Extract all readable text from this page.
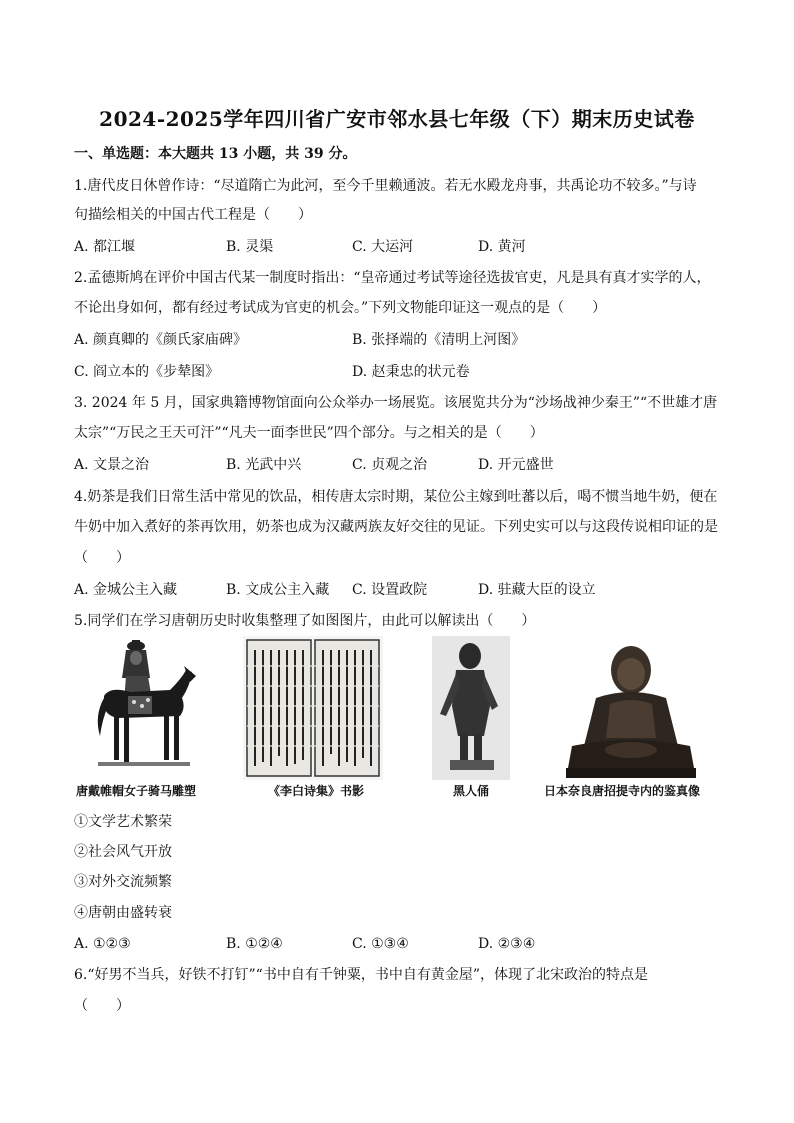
2024-2025学年四川省广安市邻水县七年级（下）期末历史试卷
一、单选题：本大题共 13 小题，共 39 分。
1.唐代皮日休曾作诗：“尽道隋亡为此河，至今千里赖通波。若无水殿龙舟事，共禹论功不较多。”与诗
句描绘相关的中国古代工程是（　　）
A. 都江堰	B. 灵渠	C. 大运河	D. 黄河
2.孟德斯鸠在评价中国古代某一制度时指出：“皇帝通过考试等途径选拔官吏，凡是具有真才实学的人，
不论出身如何，都有经过考试成为官吏的机会。”下列文物能印证这一观点的是（　　）
A. 颜真卿的《颜氏家庙碑》	B. 张择端的《清明上河图》
C. 阎立本的《步辇图》	D. 赵秉忠的状元卷
3. 2024 年 5 月，国家典籍博物馆面向公众举办一场展览。该展览共分为“沙场战神少秦王”“不世雄才唐
太宗”“万民之王天可汗”“凡夫一面李世民”四个部分。与之相关的是（　　）
A. 文景之治	B. 光武中兴	C. 贞观之治	D. 开元盛世
4.奶茶是我们日常生活中常见的饮品，相传唐太宗时期，某位公主嫁到吐蕃以后，喝不惯当地牛奶，便在
牛奶中加入煮好的茶再饮用，奶茶也成为汉藏两族友好交往的见证。下列史实可以与这段传说相印证的是
（　　）
A. 金城公主入藏	B. 文成公主入藏 C. 设置政院	D. 驻藏大臣的设立
5.同学们在学习唐朝历史时收集整理了如图图片，由此可以解读出（　　）
唐戴帷帽女子骑马雕塑	《李白诗集》书影	黑人俑	日本奈良唐招提寺内的鉴真像
①文学艺术繁荣
②社会风气开放
③对外交流频繁
④唐朝由盛转衰
A. ①②③	B. ①②④	C. ①③④	D. ②③④
6.“好男不当兵，好铁不打钉”“书中自有千钟粟，书中自有黄金屋”，体现了北宋政治的特点是
（　　）
